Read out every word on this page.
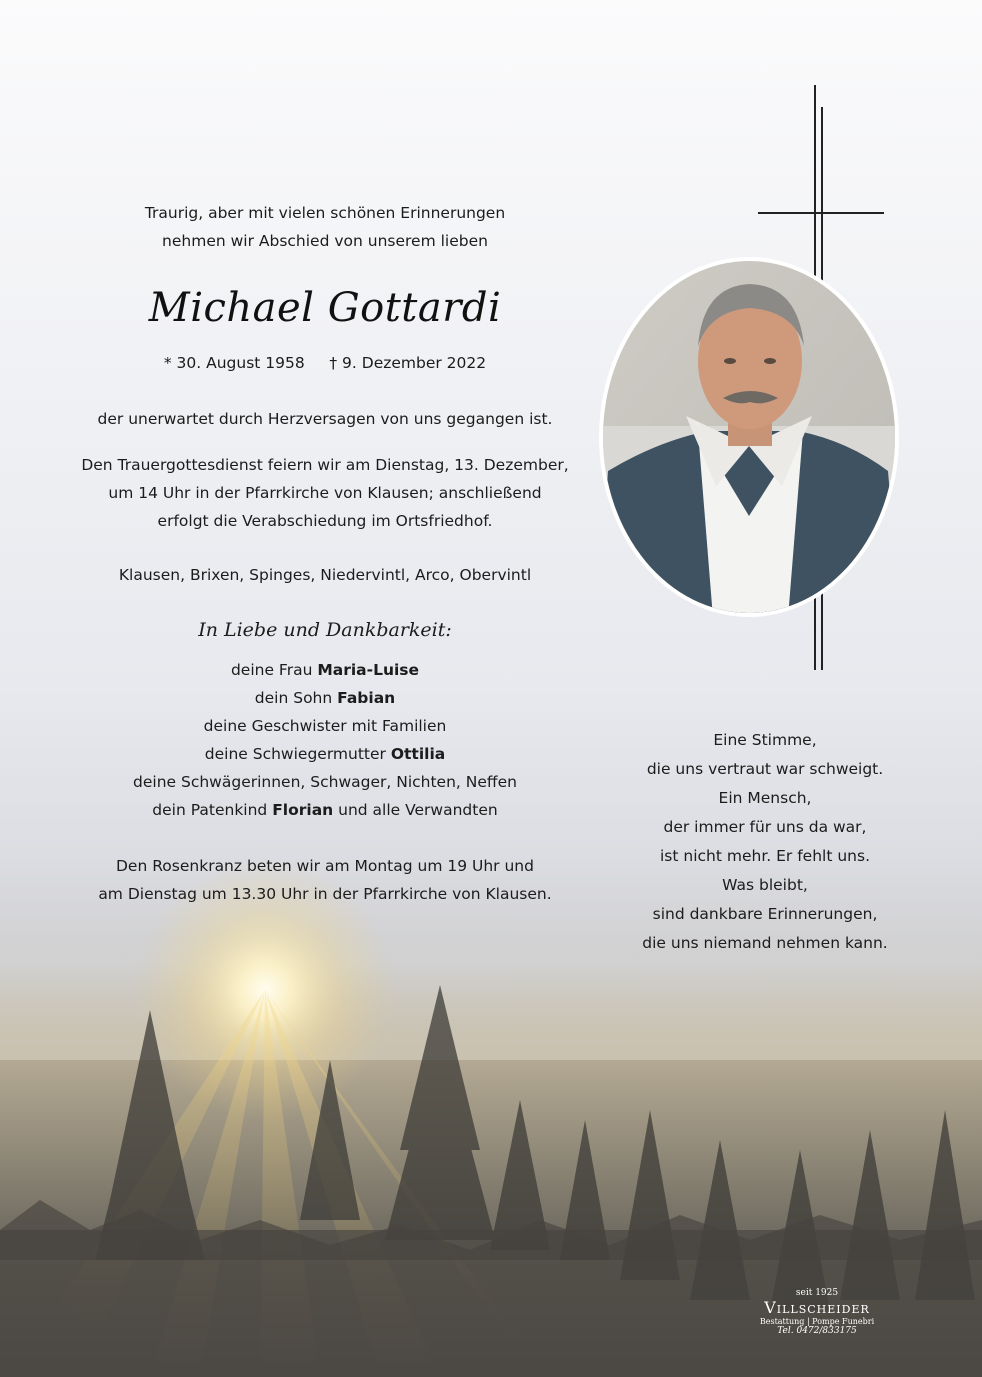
Traurig, aber mit vielen schönen Erinnerungen
nehmen wir Abschied von unserem lieben
Michael Gottardi
* 30. August 1958 † 9. Dezember 2022
der unerwartet durch Herzversagen von uns gegangen ist.
Den Trauergottesdienst feiern wir am Dienstag, 13. Dezember,
um 14 Uhr in der Pfarrkirche von Klausen; anschließend
erfolgt die Verabschiedung im Ortsfriedhof.
Klausen, Brixen, Spinges, Niedervintl, Arco, Obervintl
In Liebe und Dankbarkeit:
deine Frau Maria-Luise
dein Sohn Fabian
deine Geschwister mit Familien
deine Schwiegermutter Ottilia
deine Schwägerinnen, Schwager, Nichten, Neffen
dein Patenkind Florian und alle Verwandten
Den Rosenkranz beten wir am Montag um 19 Uhr und
am Dienstag um 13.30 Uhr in der Pfarrkirche von Klausen.
Eine Stimme,
die uns vertraut war schweigt.
Ein Mensch,
der immer für uns da war,
ist nicht mehr. Er fehlt uns.
Was bleibt,
sind dankbare Erinnerungen,
die uns niemand nehmen kann.
seit 1925
Villscheider
Bestattung | Pompe Funebri
Tel. 0472/833175
